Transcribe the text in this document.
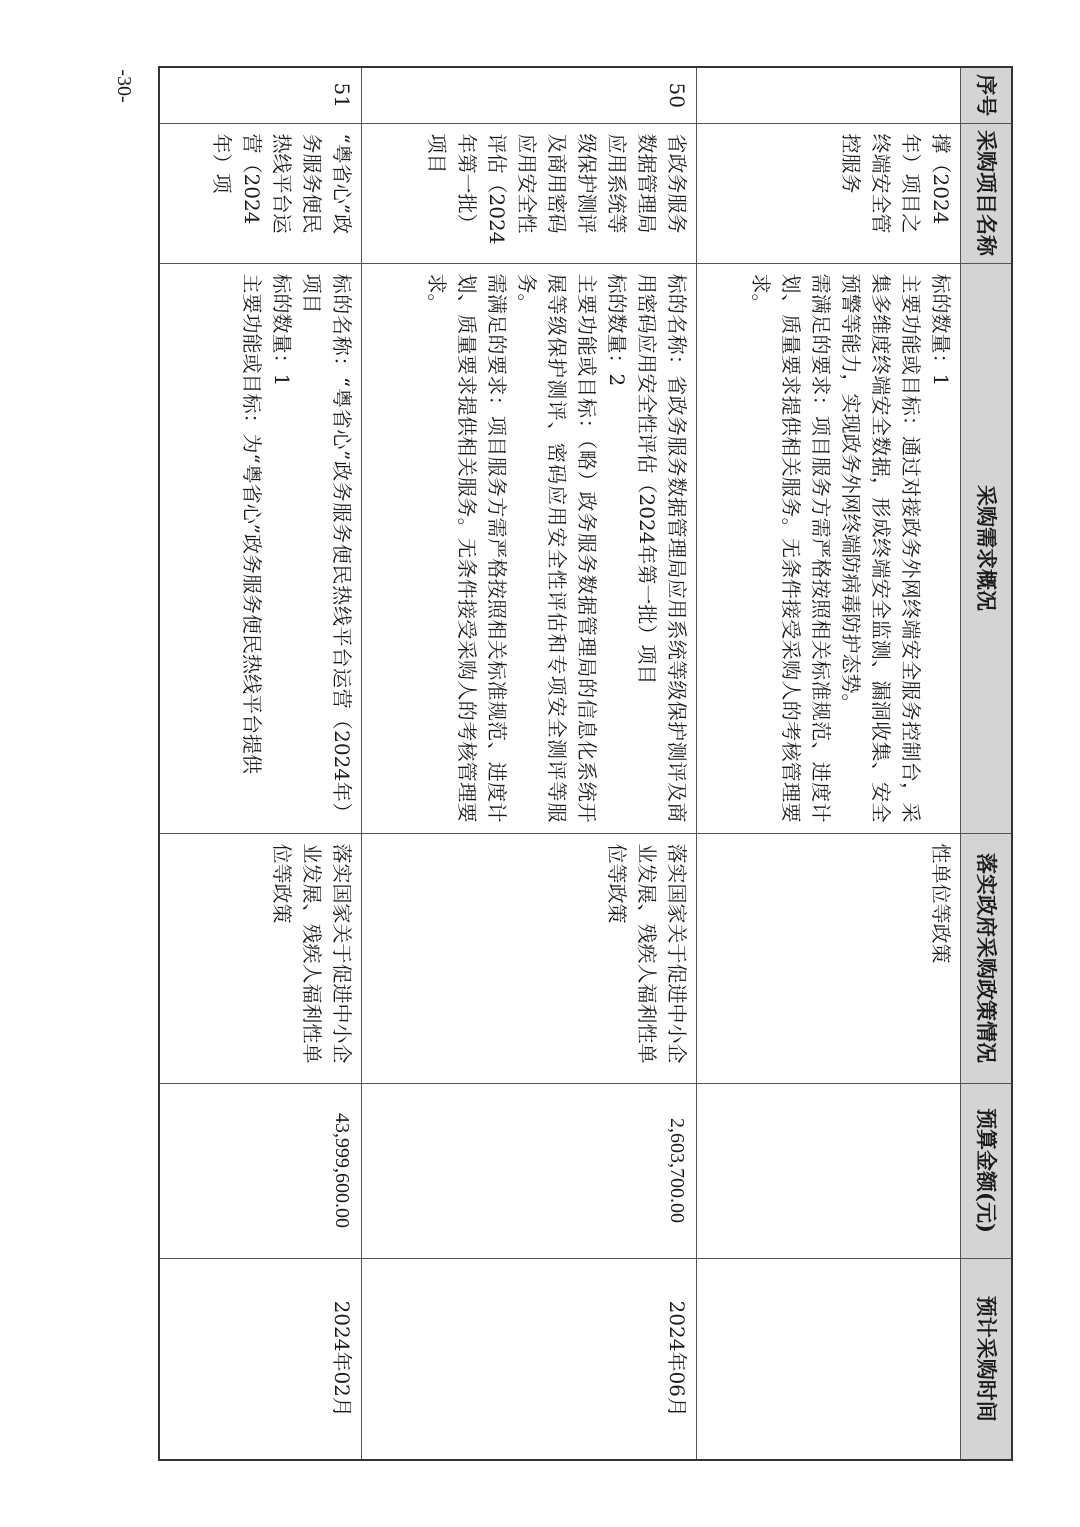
-30-	序号	采购项目名称	采购需求概况	落实政府采购政策情况	预算金额(元)	预计采购时间
	撑（2024年）项目之终端安全管控服务	标的数量：1
主要功能或目标：通过对接政务外网终端安全服务控制台，采集多维度终端安全数据，形成终端安全监测、漏洞收集、安全预警等能力，实现政务外网终端防病毒防护态势。
需满足的要求：项目服务方需严格按照相关标准规范、进度计划、质量要求提供相关服务。无条件接受采购人的考核管理要求。	性单位等政策		
50	省政务服务数据管理局应用系统等级保护测评及商用密码应用安全性评估（2024年第一批）项目	标的名称：省政务服务数据管理局应用系统等级保护测评及商用密码应用安全性评估（2024年第一批）项目
标的数量：2
主要功能或目标：（略）政务服务数据管理局的信息化系统开展等级保护测评、密码应用安全性评估和专项安全测评等服务。
需满足的要求：项目服务方需严格按照相关标准规范、进度计划、质量要求提供相关服务。无条件接受采购人的考核管理要求。	落实国家关于促进中小企业发展、残疾人福利性单位等政策	2,603,700.00	2024年06月
51	“粤省心”政务服务便民热线平台运营（2024年）项	标的名称：“粤省心”政务服务便民热线平台运营（2024年）项目
标的数量：1
主要功能或目标：为“粤省心”政务服务便民热线平台提供	落实国家关于促进中小企业发展、残疾人福利性单位等政策	43,999,600.00	2024年02月
